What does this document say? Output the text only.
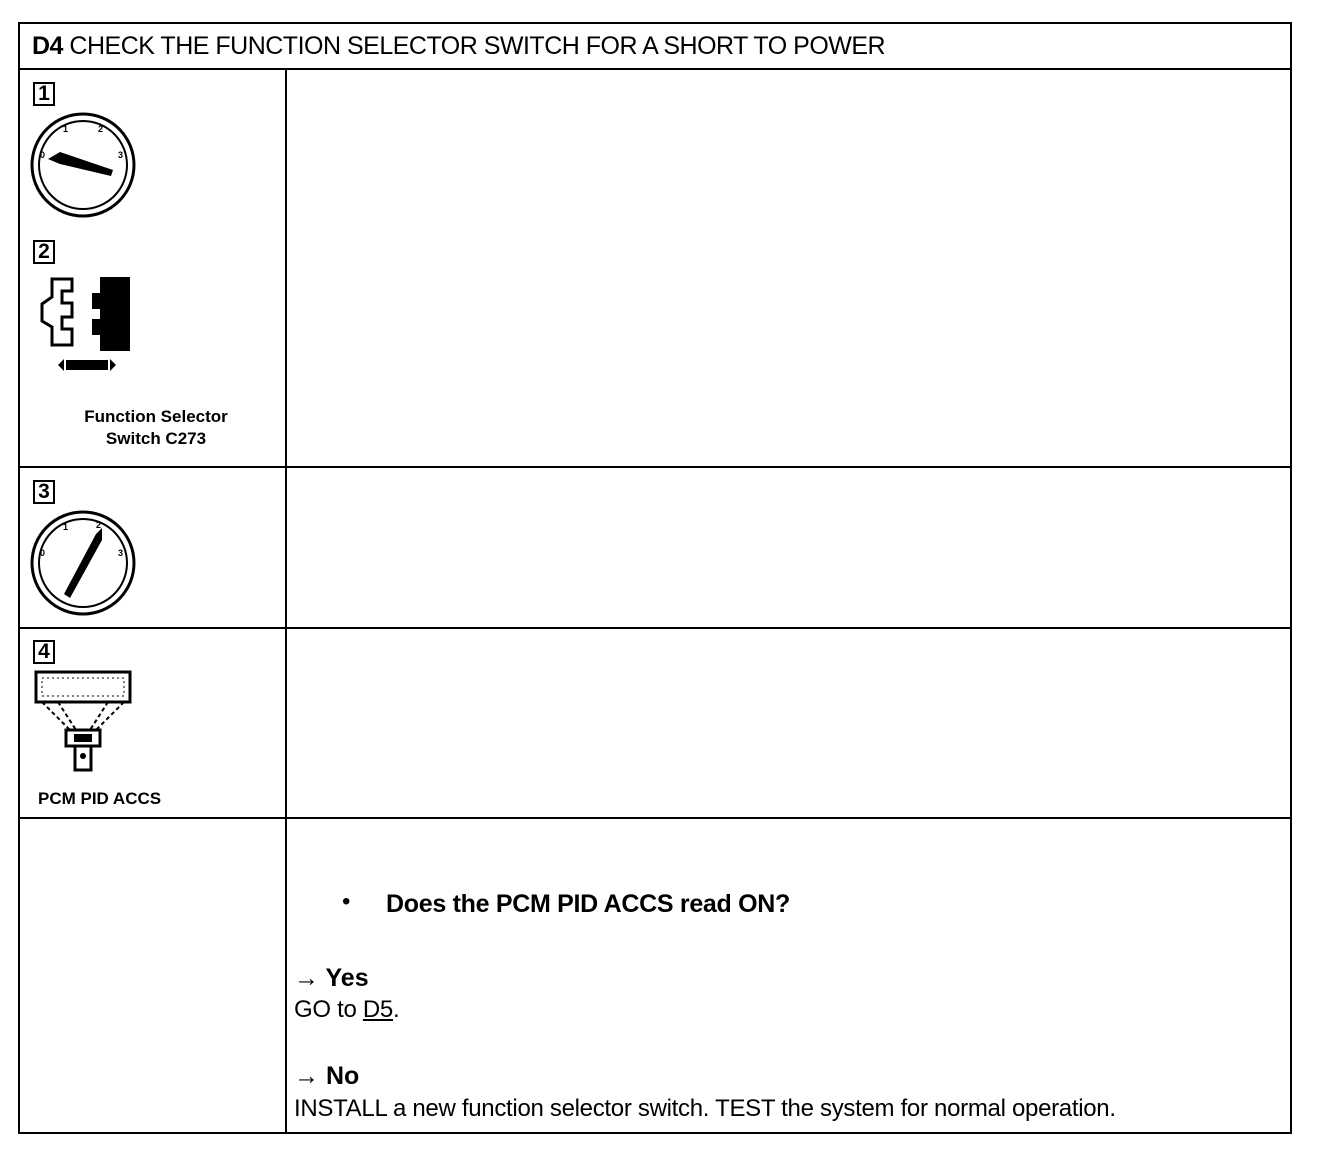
D4 CHECK THE FUNCTION SELECTOR SWITCH FOR A SHORT TO POWER
1
0
1	2
3
2
Function Selector
Switch C273
3
0
1	2
3
4
PCM PID ACCS
• Does the PCM PID ACCS read ON?
→ Yes
GO to D5.
→ No
INSTALL a new function selector switch. TEST the system for normal operation.
